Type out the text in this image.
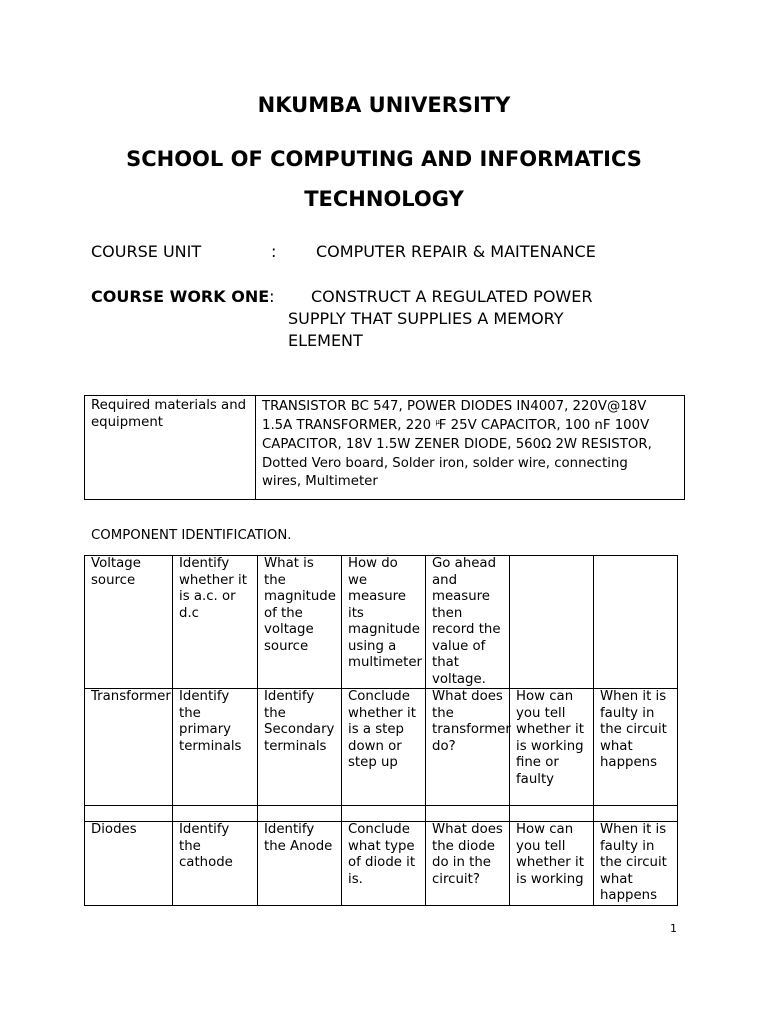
NKUMBA UNIVERSITY
SCHOOL OF COMPUTING AND INFORMATICS
TECHNOLOGY
COURSE UNIT	: COMPUTER REPAIR & MAITENANCE
COURSE WORK ONE: CONSTRUCT A REGULATED POWER
SUPPLY THAT SUPPLIES A MEMORY
ELEMENT
Required materials and equipment	
TRANSISTOR BC 547, POWER DIODES IN4007, 220V@18V
1.5A TRANSFORMER, 220 $^\mu$F 25V CAPACITOR, 100 nF 100V
CAPACITOR, 18V 1.5W ZENER DIODE, 560Ω 2W RESISTOR,
Dotted Vero board, Solder iron, solder wire, connecting
wires, Multimeter
COMPONENT IDENTIFICATION.
Voltage source	Identify whether it is a.c. or d.c	What is the magnitude of the voltage source	How do we measure its magnitude using a multimeter	Go ahead and measure then record the value of that voltage.		
Transformer	Identify the primary terminals	Identify the Secondary terminals	Conclude whether it is a step down or step up	What does the transformer do?	How can you tell whether it is working fine or faulty	When it is faulty in the circuit what happens

Diodes	Identify the cathode	Identify the Anode	Conclude what type of diode it is.	What does the diode do in the circuit?	How can you tell whether it is working	When it is faulty in the circuit what happens
1
